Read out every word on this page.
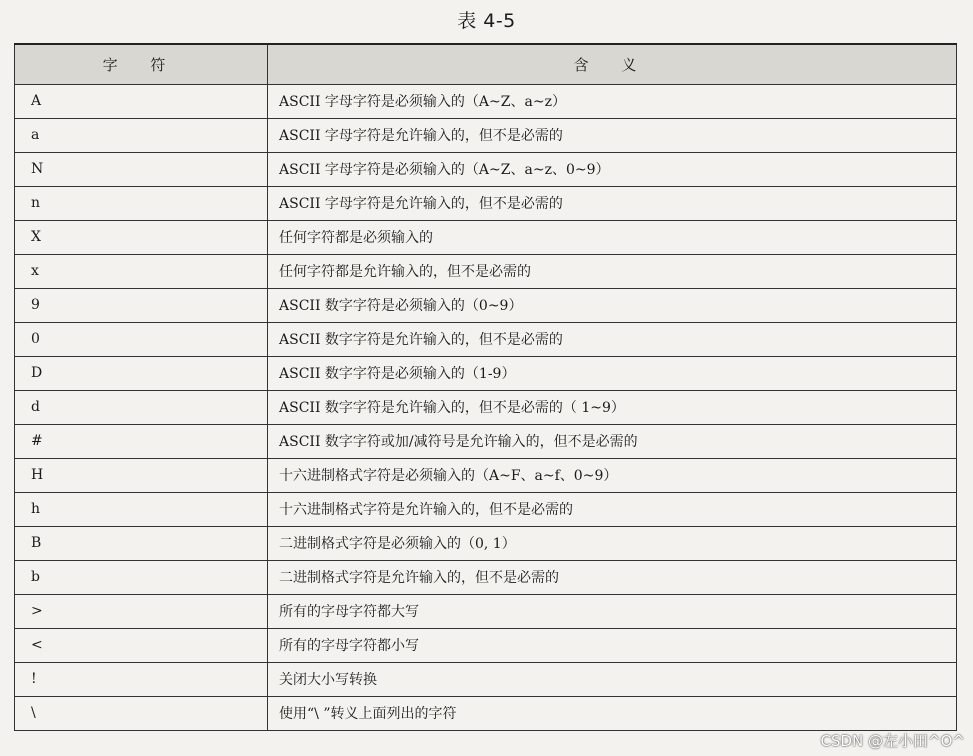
表 4-5
字 符	含 义
A	ASCII 字母字符是必须输入的（A~Z、a~z）
a	ASCII 字母字符是允许输入的，但不是必需的
N	ASCII 字母字符是必须输入的（A~Z、a~z、0~9）
n	ASCII 字母字符是允许输入的，但不是必需的
X	任何字符都是必须输入的
x	任何字符都是允许输入的，但不是必需的
9	ASCII 数字字符是必须输入的（0~9）
0	ASCII 数字字符是允许输入的，但不是必需的
D	ASCII 数字字符是必须输入的（1-9）
d	ASCII 数字字符是允许输入的，但不是必需的（ 1~9）
#	ASCII 数字字符或加/减符号是允许输入的，但不是必需的
H	十六进制格式字符是必须输入的（A~F、a~f、0~9）
h	十六进制格式字符是允许输入的，但不是必需的
B	二进制格式字符是必须输入的（0, 1）
b	二进制格式字符是允许输入的，但不是必需的
>	所有的字母字符都大写
<	所有的字母字符都小写
!	关闭大小写转换
\	使用“\ ”转义上面列出的字符
CSDN @左小田^O^
